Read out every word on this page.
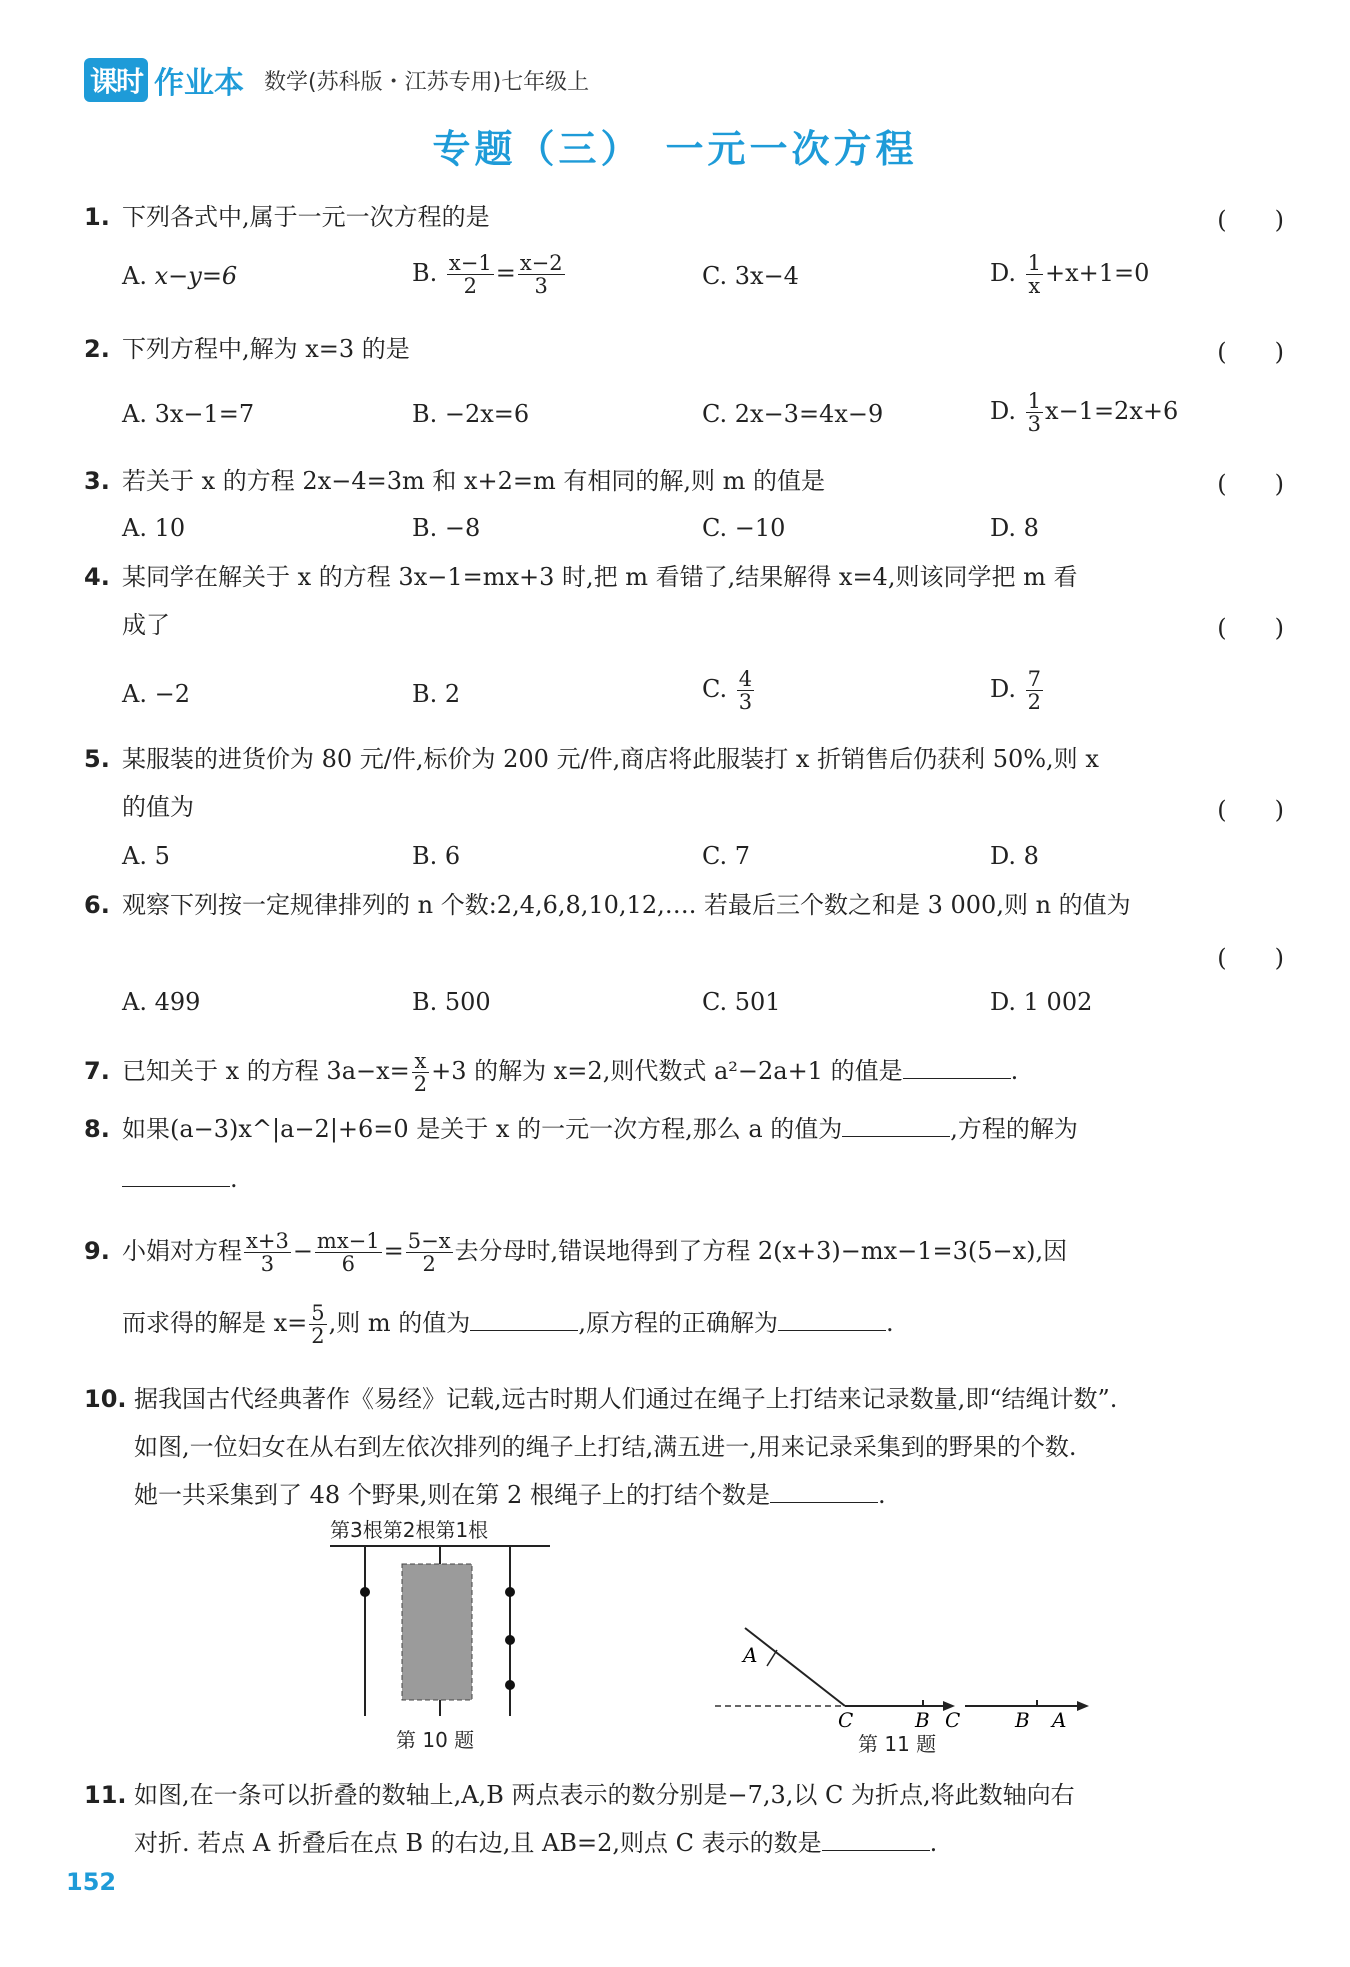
课时 作业本 数学(苏科版・江苏专用)七年级上
专题（三）　一元一次方程
1. 下列各式中,属于一元一次方程的是	(　　)
A. x−y=6	B. $\frac{x-1}{2} = \frac{x-2}{3}$	C. 3x−4	D. $\frac{1}{x} +x+1=0$
2. 下列方程中,解为 x=3 的是	(　　)
A. 3x−1=7	B. −2x=6	C. 2x−3=4x−9	D. $\frac{1}{3} x-1=2x+6$
3. 若关于 x 的方程 2x−4=3m 和 x+2=m 有相同的解,则 m 的值是	(　　)
A. 10	B. −8	C. −10	D. 8
4. 某同学在解关于 x 的方程 3x−1=mx+3 时,把 m 看错了,结果解得 x=4,则该同学把 m 看
成了	(　　)
A. −2	B. 2	C. $\frac{4}{3}$	D. $\frac{7}{2}$
5. 某服装的进货价为 80 元/件,标价为 200 元/件,商店将此服装打 x 折销售后仍获利 50%,则 x
的值为	(　　)
A. 5	B. 6	C. 7	D. 8
6. 观察下列按一定规律排列的 n 个数:2,4,6,8,10,12,…. 若最后三个数之和是 3 000,则 n 的值为
(　　)
A. 499	B. 500	C. 501	D. 1 002
7. 已知关于 x 的方程 $3a-x= \frac{x}{2} +3$ 的解为 x=2,则代数式 a²−2a+1 的值是	.
8. 如果(a−3)x^|a−2|+6=0 是关于 x 的一元一次方程,那么 a 的值为	,方程的解为
.
9. 小娟对方程 $\frac{x+3}{3} - \frac{mx-1}{6} = \frac{5-x}{2}$ 去分母时,错误地得到了方程 2(x+3)−mx−1=3(5−x),因
而求得的解是 $x= \frac{5}{2}$ ,则 m 的值为	,原方程的正确解为	.
10. 据我国古代经典著作《易经》记载,远古时期人们通过在绳子上打结来记录数量,即“结绳计数”.
如图,一位妇女在从右到左依次排列的绳子上打结,满五进一,用来记录采集到的野果的个数.
她一共采集到了 48 个野果,则在第 2 根绳子上的打结个数是	.
第3根第2根第1根
第 10 题
A
C	B C	B A
第 11 题
11. 如图,在一条可以折叠的数轴上,A,B 两点表示的数分别是−7,3,以 C 为折点,将此数轴向右
对折. 若点 A 折叠后在点 B 的右边,且 AB=2,则点 C 表示的数是	.
152
